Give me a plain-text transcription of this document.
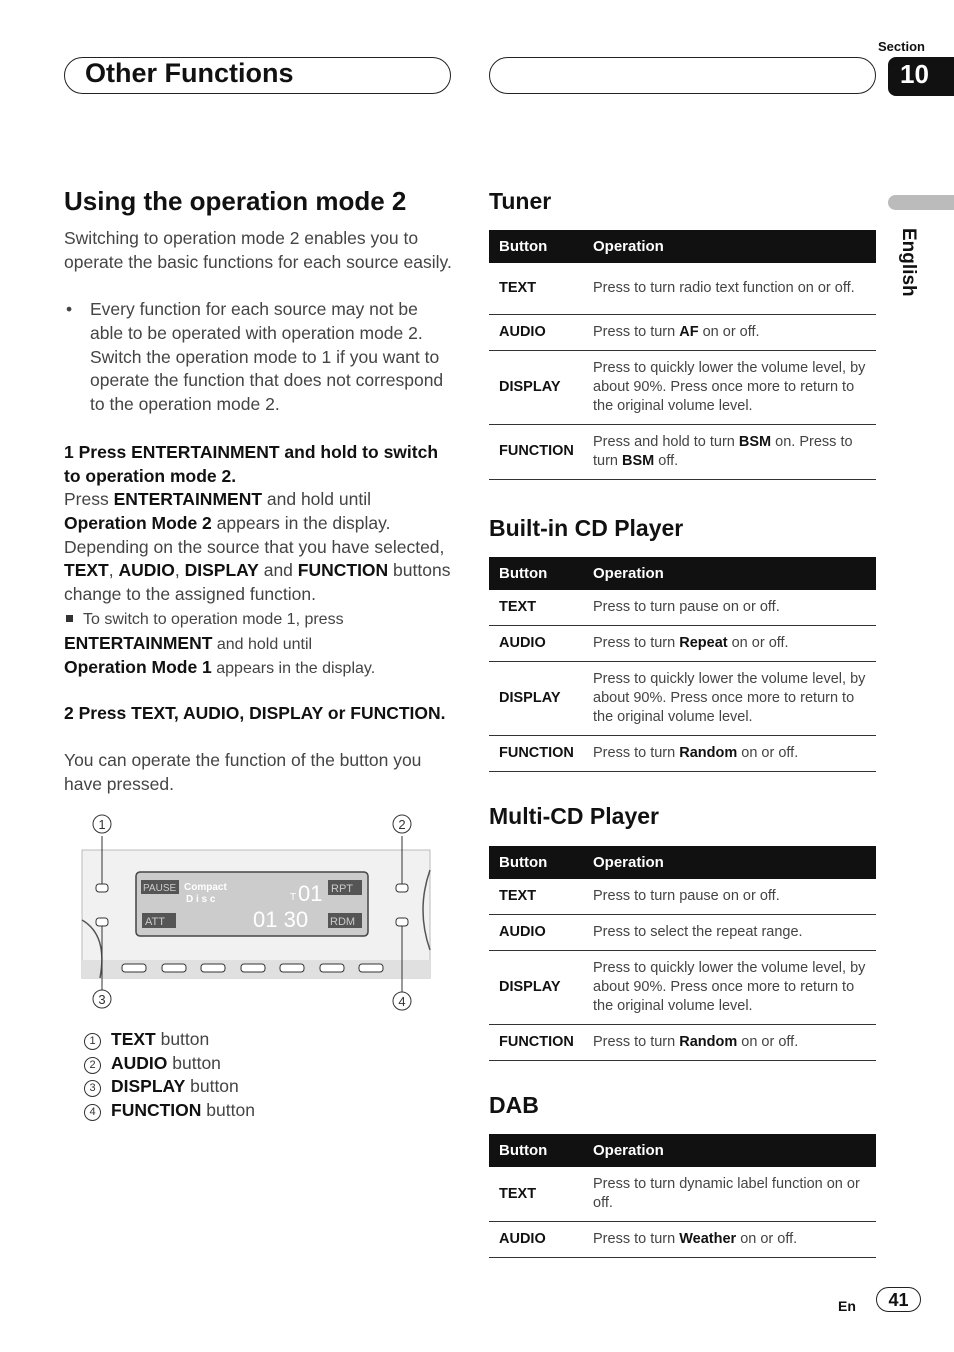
Other Functions
Section
10
English
Using the operation mode 2
Switching to operation mode 2 enables you to operate the basic functions for each source easily.
• Every function for each source may not be able to be operated with operation mode 2. Switch the operation mode to 1 if you want to operate the function that does not correspond to the operation mode 2.
1 Press ENTERTAINMENT and hold to switch to operation mode 2.
Press ENTERTAINMENT and hold until
Operation Mode 2 appears in the display. Depending on the source that you have selected, TEXT, AUDIO, DISPLAY and FUNCTION buttons change to the assigned function.
To switch to operation mode 1, press
ENTERTAINMENT and hold until
Operation Mode 1 appears in the display.
2 Press TEXT, AUDIO, DISPLAY or FUNCTION.
You can operate the function of the button you have pressed.
PAUSE Compact
D i s c	T 01
01 30
RPT
ATT	RDM
1	2
3	4
1 TEXT button
2 AUDIO button
3 DISPLAY button
4 FUNCTION button
Tuner
Button	Operation
TEXT	Press to turn radio text function on or off.
AUDIO	Press to turn AF on or off.
DISPLAY	Press to quickly lower the volume level, by about 90%. Press once more to return to the original volume level.
FUNCTION	Press and hold to turn BSM on. Press to turn BSM off.
Built-in CD Player
Button	Operation
TEXT	Press to turn pause on or off.
AUDIO	Press to turn Repeat on or off.
DISPLAY	Press to quickly lower the volume level, by about 90%. Press once more to return to the original volume level.
FUNCTION	Press to turn Random on or off.
Multi-CD Player
Button	Operation
TEXT	Press to turn pause on or off.
AUDIO	Press to select the repeat range.
DISPLAY	Press to quickly lower the volume level, by about 90%. Press once more to return to the original volume level.
FUNCTION	Press to turn Random on or off.
DAB
Button	Operation
TEXT	Press to turn dynamic label function on or off.
AUDIO	Press to turn Weather on or off.
En	41
